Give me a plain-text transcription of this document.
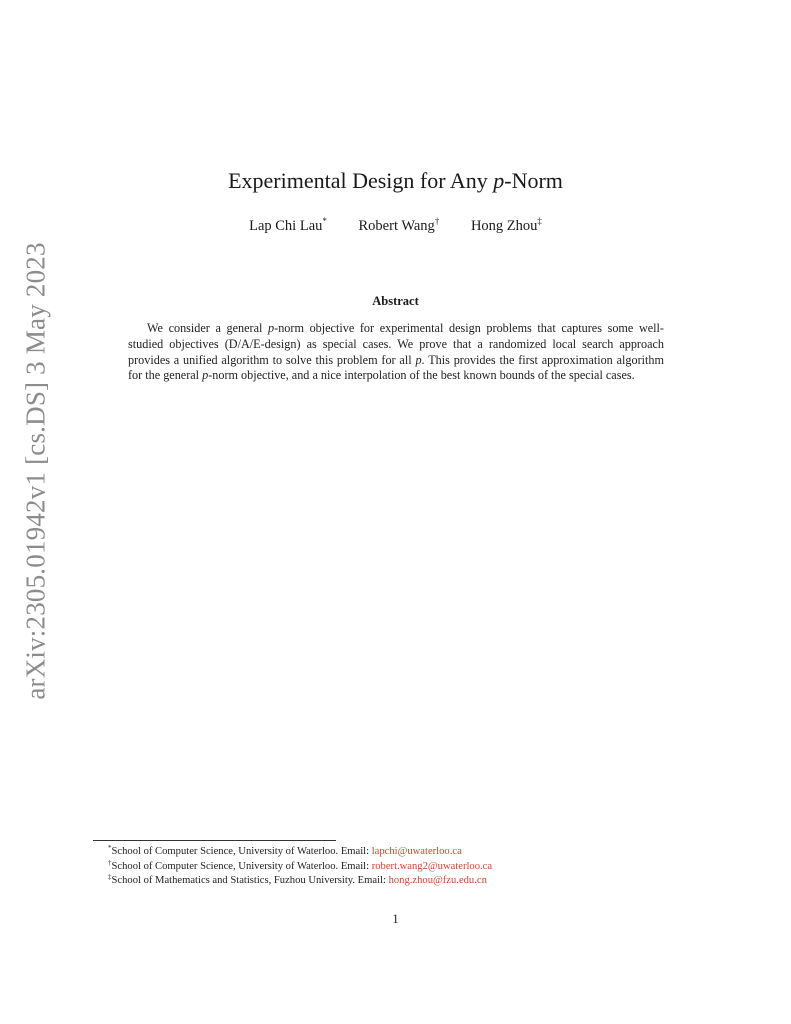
arXiv:2305.01942v1 [cs.DS] 3 May 2023
Experimental Design for Any p-Norm
Lap Chi Lau* Robert Wang† Hong Zhou‡
Abstract
We consider a general p-norm objective for experimental design problems that captures some well-studied objectives (D/A/E-design) as special cases. We prove that a randomized local search approach provides a unified algorithm to solve this problem for all p. This provides the first approximation algorithm for the general p-norm objective, and a nice interpolation of the best known bounds of the special cases.
*School of Computer Science, University of Waterloo. Email: lapchi@uwaterloo.ca
†School of Computer Science, University of Waterloo. Email: robert.wang2@uwaterloo.ca
‡School of Mathematics and Statistics, Fuzhou University. Email: hong.zhou@fzu.edu.cn
1
